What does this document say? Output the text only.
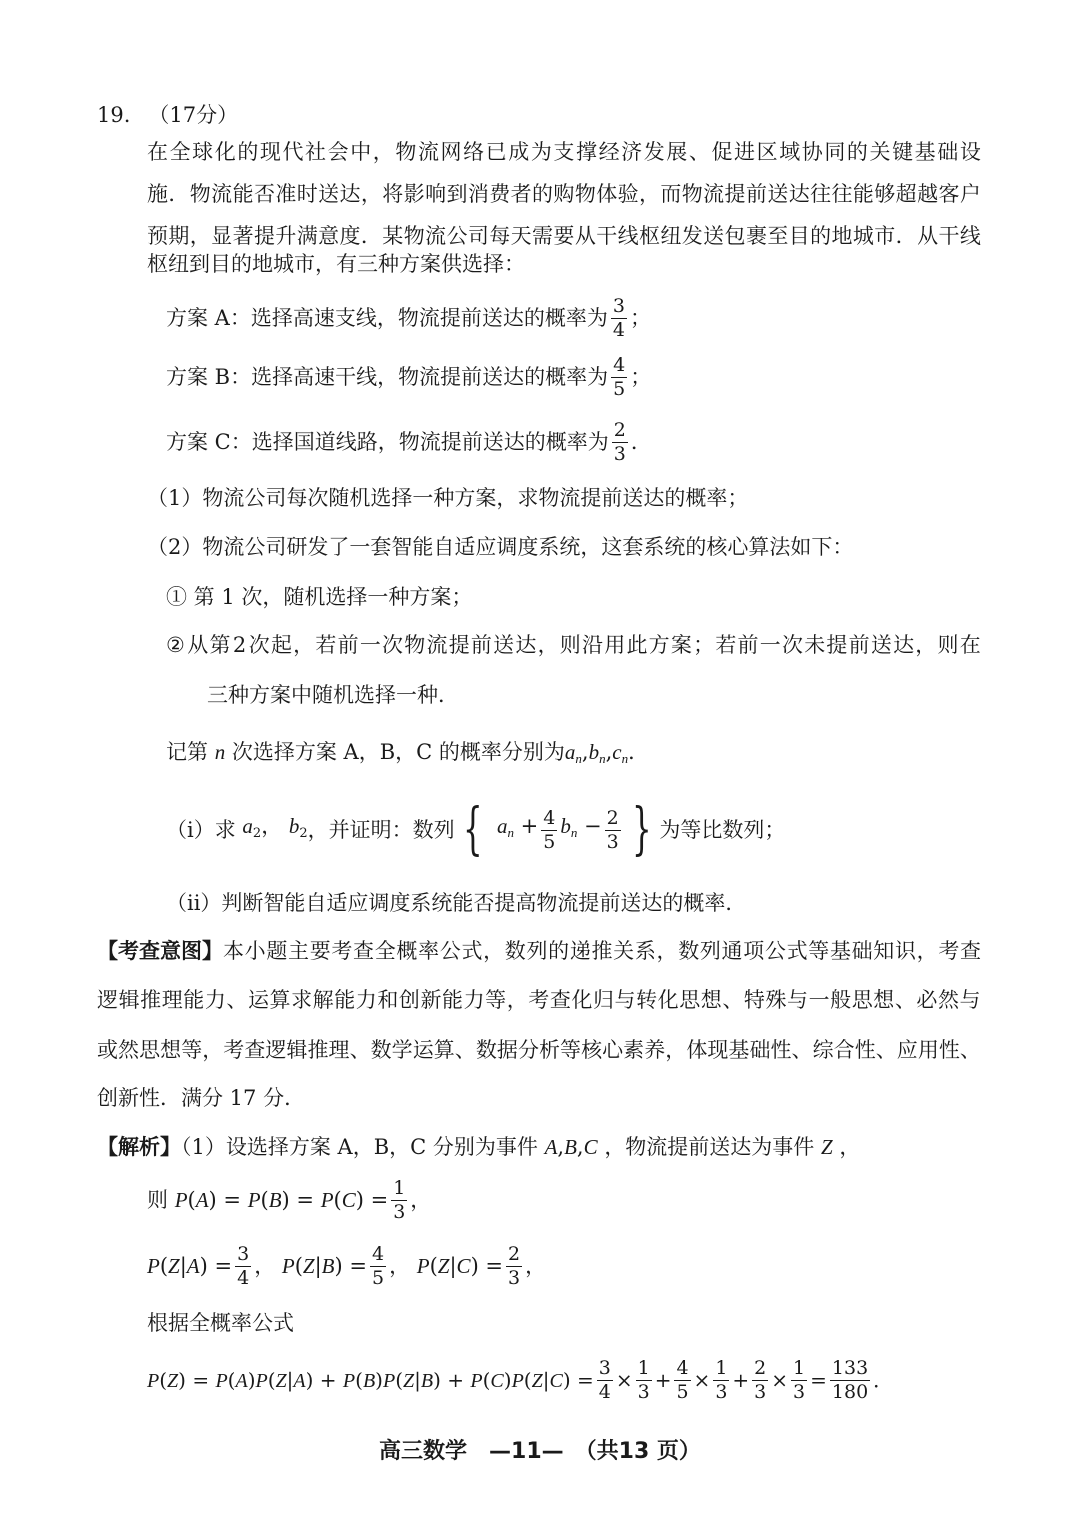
19. （17分）
在 全 球 化 的 现 代 社 会 中 ， 物 流 网 络 已 成 为 支 撑 经 济 发 展 、 促 进 区 域 协 同 的 关 键 基 础 设
施 ． 物 流 能 否 准 时 送 达 ， 将 影 响 到 消 费 者 的 购 物 体 验 ， 而 物 流 提 前 送 达 往 往 能 够 超 越 客 户
预 期 ， 显 著 提 升 满 意 度 ． 某 物 流 公 司 每 天 需 要 从 干 线 枢 纽 发 送 包 裹 至 目 的 地 城 市 ． 从 干 线
枢纽到目的地城市，有三种方案供选择：
方案 A：选择高速支线，物流提前送达的概率为 $\frac{3}{4}$ ；
方案 B：选择高速干线，物流提前送达的概率为 $\frac{4}{5}$ ；
方案 C：选择国道线路，物流提前送达的概率为 $\frac{2}{3}$ ．
（1）物流公司每次随机选择一种方案，求物流提前送达的概率；
（2）物流公司研发了一套智能自适应调度系统，这套系统的核心算法如下：
① 第 1 次，随机选择一种方案；
② 从 第 2 次 起 ， 若 前 一 次 物 流 提 前 送 达 ， 则 沿 用 此 方 案 ； 若 前 一 次 未 提 前 送 达 ， 则 在
三种方案中随机选择一种．
记第 n 次选择方案 A，B，C 的概率分别为$a_n,b_n,c_n$．
（i）求 $a_2$， $b_2$ ，并证明：数列 { $a_n + \frac{4}{5} b_n - \frac{2}{3}$ } 为等比数列；
（ii）判断智能自适应调度系统能否提高物流提前送达的概率．
【考查意图】 本小题主要考查全概率公式，数列的递推关系，数列通项公式等基础知识，考查
逻 辑 推 理 能 力 、 运 算 求 解 能 力 和 创 新 能 力 等 ， 考 查 化 归 与 转 化 思 想 、 特 殊 与 一 般 思 想 、 必 然 与
或 然 思 想 等 ， 考 查 逻 辑 推 理 、 数 学 运 算 、 数 据 分 析 等 核 心 素 养 ， 体 现 基 础 性 、 综 合 性 、 应 用 性 、
创新性．满分 17 分．
【解析】（1）设选择方案 A，B，C 分别为事件 A,B,C ，物流提前送达为事件 Z ，
则 $P(A) = P(B) = P(C) = \frac{1}{3}$ ，
$P(Z|A) = \frac{3}{4}$ ， $P(Z|B) = \frac{4}{5}$ ， $P(Z|C) = \frac{2}{3}$ ，
根据全概率公式
$P(Z) = P(A)P(Z|A) + P(B)P(Z|B) + P(C)P(Z|C) = \frac{3}{4} \times \frac{1}{3} + \frac{4}{5} \times \frac{1}{3} + \frac{2}{3} \times \frac{1}{3} = \frac{133}{180}$ ．
高三数学　—11—　（共13 页）
